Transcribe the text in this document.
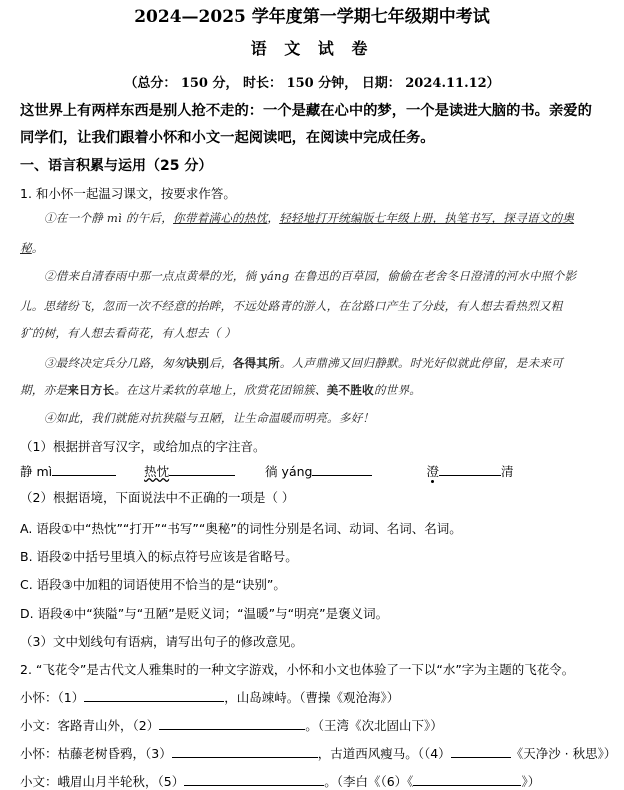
2024—2025 学年度第一学期七年级期中考试
语 文 试 卷
（总分： 150 分， 时长： 150 分钟， 日期： 2024.11.12）
这世界上有两样东西是别人抢不走的：一个是藏在心中的梦，一个是读进大脑的书。亲爱的
同学们，让我们跟着小怀和小文一起阅读吧，在阅读中完成任务。
一、语言积累与运用（25 分）
1. 和小怀一起温习课文，按要求作答。
①在一个静 mì 的午后，你带着满心的热忱，轻轻地打开统编版七年级上册，执笔书写，探寻语文的奥
秘。
②借来自清春雨中那一点点黄晕的光，徜 yáng 在鲁迅的百草园，偷偷在老舍冬日澄清的河水中照个影
儿。思绪纷飞，忽而一次不经意的抬眸，不远处路青的游人，在岔路口产生了分歧，有人想去看热烈又粗
犷的树，有人想去看荷花，有人想去（ ）
③最终决定兵分几路，匆匆诀别后，各得其所。人声鼎沸又回归静默。时光好似就此停留，是未来可
期，亦是来日方长。在这片柔软的草地上，欣赏花团锦簇、美不胜收的世界。
④如此，我们就能对抗狭隘与丑陋，让生命温暖而明亮。多好！
（1）根据拼音写汉字，或给加点的字注音。
静 mì	热忱	徜 yáng	澄	清
（2）根据语境，下面说法中不正确的一项是（ ）
A. 语段①中“热忱”“打开”“书写”“奥秘”的词性分别是名词、动词、名词、名词。
B. 语段②中括号里填入的标点符号应该是省略号。
C. 语段③中加粗的词语使用不恰当的是“诀别”。
D. 语段④中“狭隘”与“丑陋”是贬义词；“温暖”与“明亮”是褒义词。
（3）文中划线句有语病，请写出句子的修改意见。
2. “飞花令”是古代文人雅集时的一种文字游戏，小怀和小文也体验了一下以“水”字为主题的飞花令。
小怀：（1）	，山岛竦峙。（曹操《观沧海》）
小文：客路青山外，（2）	。（王湾《次北固山下》）
小怀：枯藤老树昏鸦，（3）	，古道西风瘦马。（（4）	《天净沙 · 秋思》）
小文：峨眉山月半轮秋，（5）	。（李白《（6）《	》）
